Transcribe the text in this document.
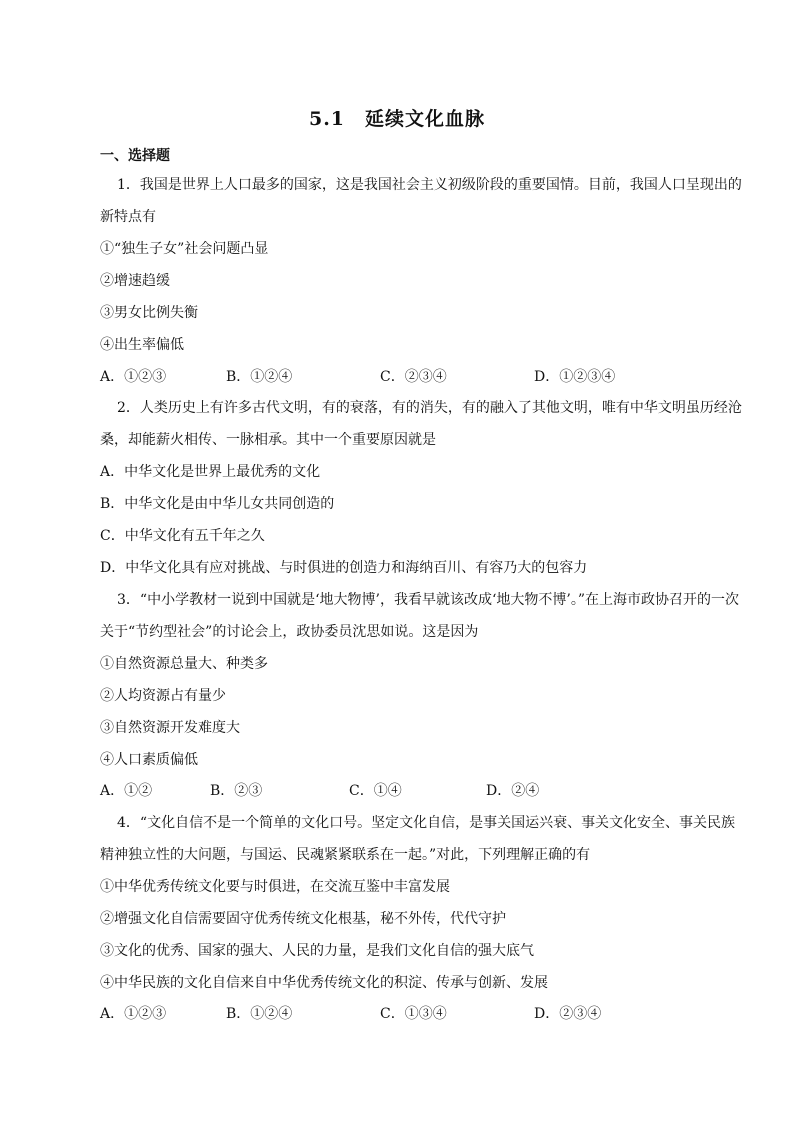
5.1　延续文化血脉
一、选择题
1．我国是世界上人口最多的国家，这是我国社会主义初级阶段的重要国情。目前，我国人口呈现出的
新特点有
①“独生子女”社会问题凸显
②增速趋缓
③男女比例失衡
④出生率偏低
A．①②③	B．①②④	C．②③④	D．①②③④
2．人类历史上有许多古代文明，有的衰落，有的消失，有的融入了其他文明，唯有中华文明虽历经沧
桑，却能薪火相传、一脉相承。其中一个重要原因就是
A．中华文化是世界上最优秀的文化
B．中华文化是由中华儿女共同创造的
C．中华文化有五千年之久
D．中华文化具有应对挑战、与时俱进的创造力和海纳百川、有容乃大的包容力
3．“中小学教材一说到中国就是‘地大物博’，我看早就该改成‘地大物不博’。”在上海市政协召开的一次
关于“节约型社会”的讨论会上，政协委员沈思如说。这是因为
①自然资源总量大、种类多
②人均资源占有量少
③自然资源开发难度大
④人口素质偏低
A．①②	B．②③	C．①④	D．②④
4．“文化自信不是一个简单的文化口号。坚定文化自信，是事关国运兴衰、事关文化安全、事关民族
精神独立性的大问题，与国运、民魂紧紧联系在一起。”对此，下列理解正确的有
①中华优秀传统文化要与时俱进，在交流互鉴中丰富发展
②增强文化自信需要固守优秀传统文化根基，秘不外传，代代守护
③文化的优秀、国家的强大、人民的力量，是我们文化自信的强大底气
④中华民族的文化自信来自中华优秀传统文化的积淀、传承与创新、发展
A．①②③	B．①②④	C．①③④	D．②③④
